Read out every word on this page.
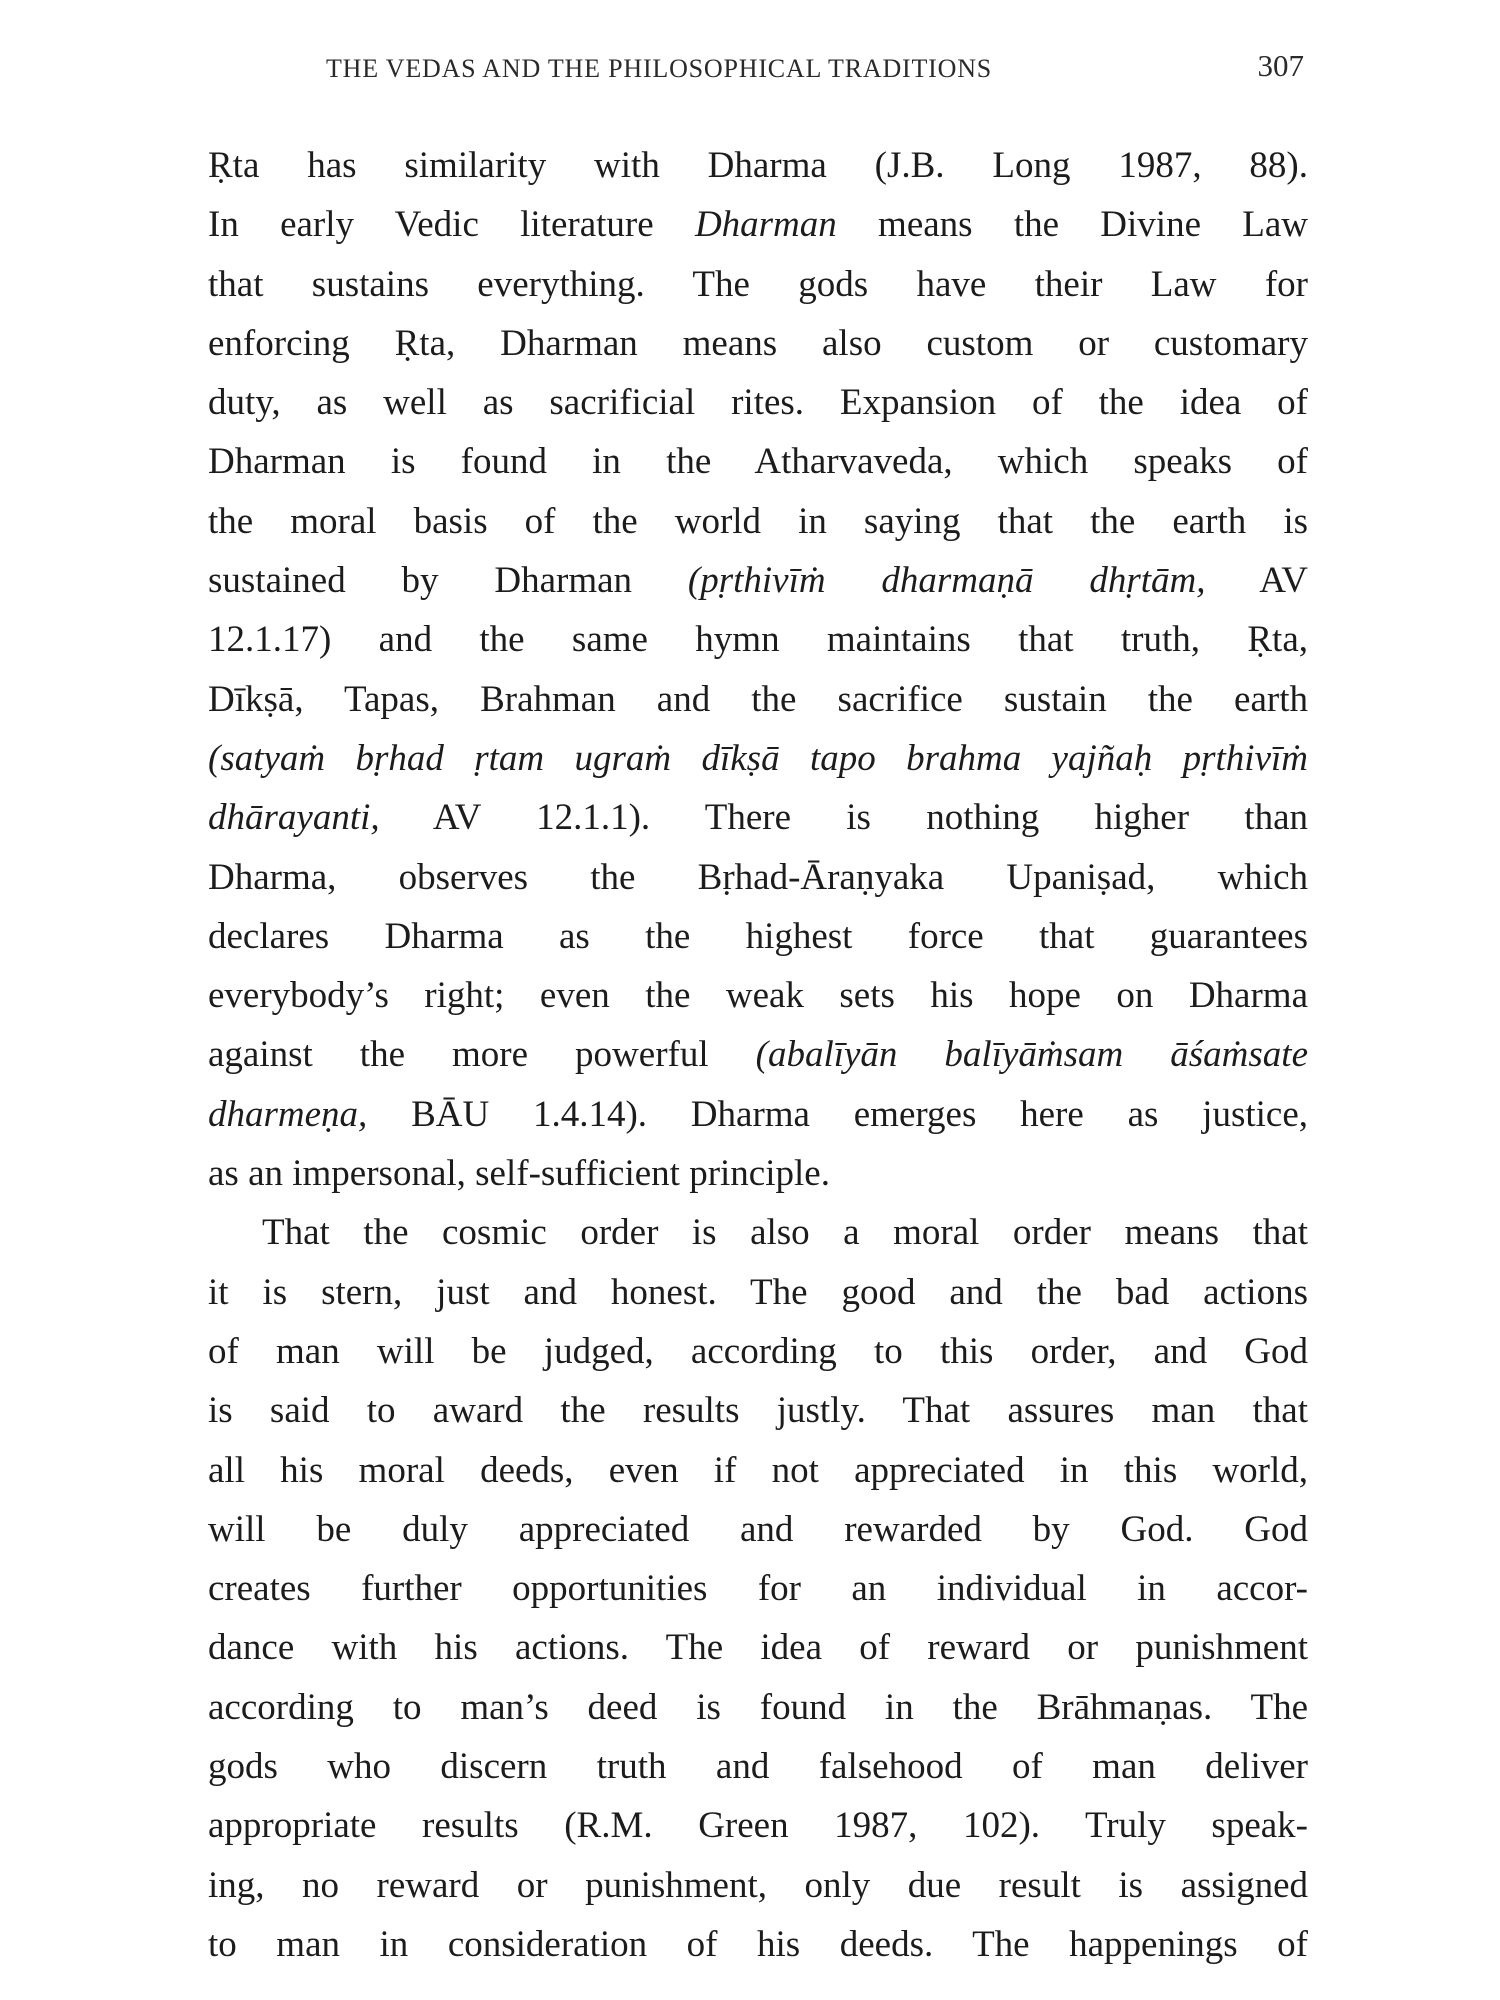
THE VEDAS AND THE PHILOSOPHICAL TRADITIONS	307
Ṛta has similarity with Dharma (J.B. Long 1987, 88).
In early Vedic literature Dharman means the Divine Law
that sustains everything. The gods have their Law for
enforcing Ṛta, Dharman means also custom or customary
duty, as well as sacrificial rites. Expansion of the idea of
Dharman is found in the Atharvaveda, which speaks of
the moral basis of the world in saying that the earth is
sustained by Dharman (pṛthivīṁ dharmaṇā dhṛtām, AV
12.1.17) and the same hymn maintains that truth, Ṛta,
Dīkṣā, Tapas, Brahman and the sacrifice sustain the earth
(satyaṁ bṛhad ṛtam ugraṁ dīkṣā tapo brahma yajñaḥ pṛthivīṁ
dhārayanti, AV 12.1.1). There is nothing higher than
Dharma, observes the Bṛhad-Āraṇyaka Upaniṣad, which
declares Dharma as the highest force that guarantees
everybody’s right; even the weak sets his hope on Dharma
against the more powerful (abalīyān balīyāṁsam āśaṁsate
dharmeṇa, BĀU 1.4.14). Dharma emerges here as justice,
as an impersonal, self-sufficient principle.
That the cosmic order is also a moral order means that
it is stern, just and honest. The good and the bad actions
of man will be judged, according to this order, and God
is said to award the results justly. That assures man that
all his moral deeds, even if not appreciated in this world,
will be duly appreciated and rewarded by God. God
creates further opportunities for an individual in accor-
dance with his actions. The idea of reward or punishment
according to man’s deed is found in the Brāhmaṇas. The
gods who discern truth and falsehood of man deliver
appropriate results (R.M. Green 1987, 102). Truly speak-
ing, no reward or punishment, only due result is assigned
to man in consideration of his deeds. The happenings of
